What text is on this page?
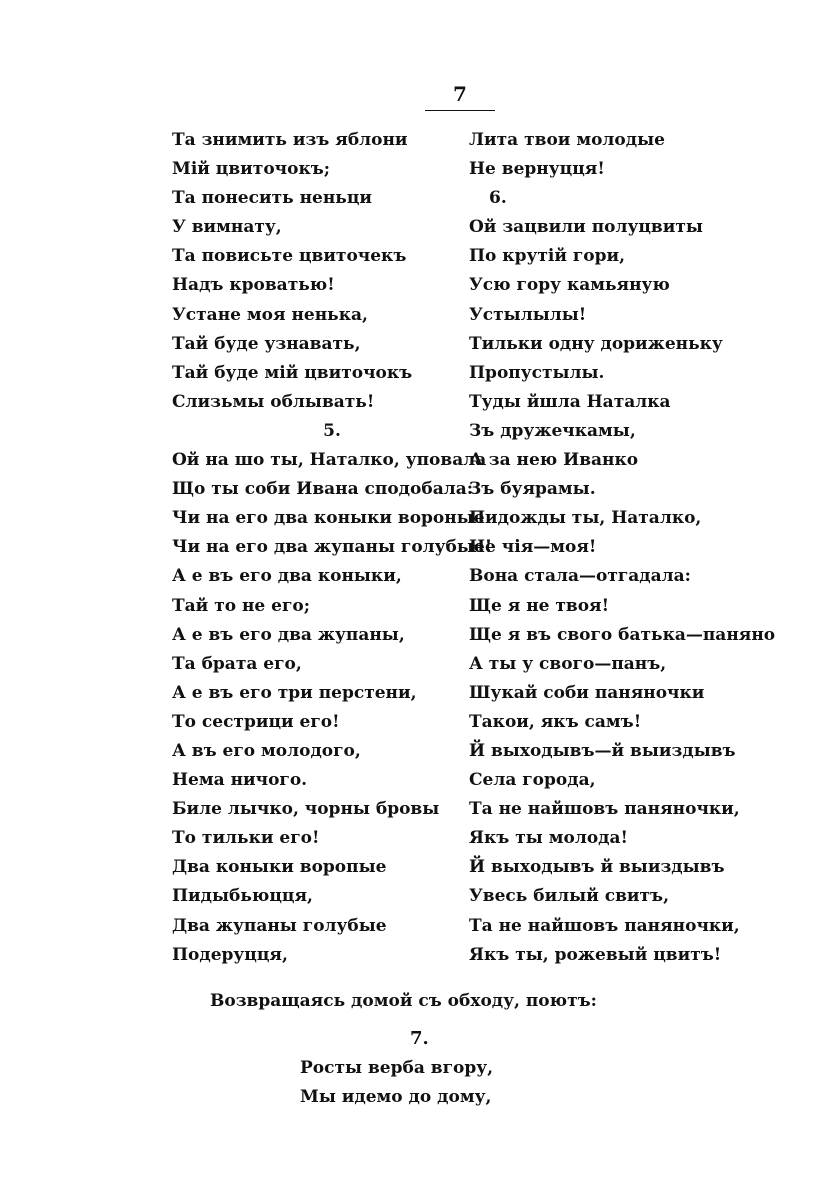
7
Та знимить изъ яблони
Мій цвиточокъ;
Та понесить неньци
У вимнату,
Та повисьте цвиточекъ
Надъ кроватью!
Устане моя ненька,
Тай буде узнавать,
Тай буде мій цвиточокъ
Слизьмы облывать!
5.
Ой на шо ты, Наталко, уповала
Що ты соби Ивана сподобала:
Чи на его два коныки вороные
Чи на его два жупаны голубые!
А е въ его два коныки,
Тай то не его;
А е въ его два жупаны,
Та брата его,
А е въ его три перстени,
То сестрици его!
А въ его молодого,
Нема ничого.
Биле лычко, чорны бровы
То тильки его!
Два коныки воропые
Пидыбьюцця,
Два жупаны голубые
Подеруцця,
Лита твои молодые
Не вернуцця!
6.
Ой зацвили полуцвиты
По крутій гори,
Усю гору камьяную
Устылылы!
Тильки одну дориженьку
Пропустылы.
Туды йшла Наталка
Зъ дружечкамы,
А за нею Иванко
Зъ буярамы.
Пидожды ты, Наталко,
Не чія—моя!
Вона стала—отгадала:
Ще я не твоя!
Ще я въ свого батька—паняно
А ты у свого—панъ,
Шукай соби паняночки
Такои, якъ самъ!
Й выходывъ—й выиздывъ
Села города,
Та не найшовъ паняночки,
Якъ ты молода!
Й выходывъ й выиздывъ
Увесь билый свитъ,
Та не найшовъ паняночки,
Якъ ты, рожевый цвитъ!
Возвращаясь домой съ обходу, поютъ:
7.
Росты верба вгору,
Мы идемо до дому,
